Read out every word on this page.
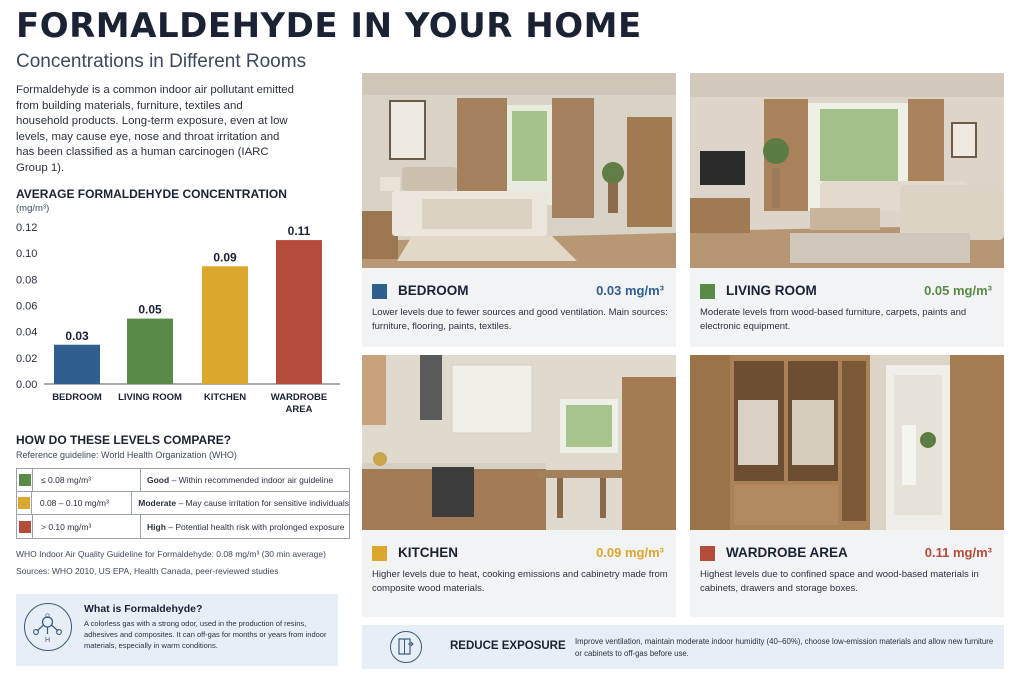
FORMALDEHYDE IN YOUR HOME
Concentrations in Different Rooms
Formaldehyde is a common indoor air pollutant emitted from building materials, furniture, textiles and household products. Long-term exposure, even at low levels, may cause eye, nose and throat irritation and has been classified as a human carcinogen (IARC Group 1).
AVERAGE FORMALDEHYDE CONCENTRATION
(mg/m³)
0.00
0.02
0.04
0.06
0.08
0.10
0.12
0.03
BEDROOM
0.05
LIVING ROOM
0.09
KITCHEN
0.11
WARDROBE
AREA
HOW DO THESE LEVELS COMPARE?
Reference guideline: World Health Organization (WHO)
≤ 0.08 mg/m³	Good – Within recommended indoor air guideline
0.08 – 0.10 mg/m³	Moderate – May cause irritation for sensitive individuals
> 0.10 mg/m³	High – Potential health risk with prolonged exposure
WHO Indoor Air Quality Guideline for Formaldehyde: 0.08 mg/m³ (30 min average)
Sources: WHO 2010, US EPA, Health Canada, peer-reviewed studies
H
O
What is Formaldehyde?
A colorless gas with a strong odor, used in the production of resins, adhesives and composites. It can off-gas for months or years from indoor materials, especially in warm conditions.
BEDROOM	0.03 mg/m³
Lower levels due to fewer sources and good ventilation. Main sources: furniture, flooring, paints, textiles.
LIVING ROOM	0.05 mg/m³
Moderate levels from wood-based furniture, carpets, paints and electronic equipment.
KITCHEN	0.09 mg/m³
Higher levels due to heat, cooking emissions and cabinetry made from composite wood materials.
WARDROBE AREA	0.11 mg/m³
Highest levels due to confined space and wood-based materials in cabinets, drawers and storage boxes.
REDUCE EXPOSURE Improve ventilation, maintain moderate indoor humidity (40–60%), choose low-emission materials and allow new furniture or cabinets to off-gas before use.
